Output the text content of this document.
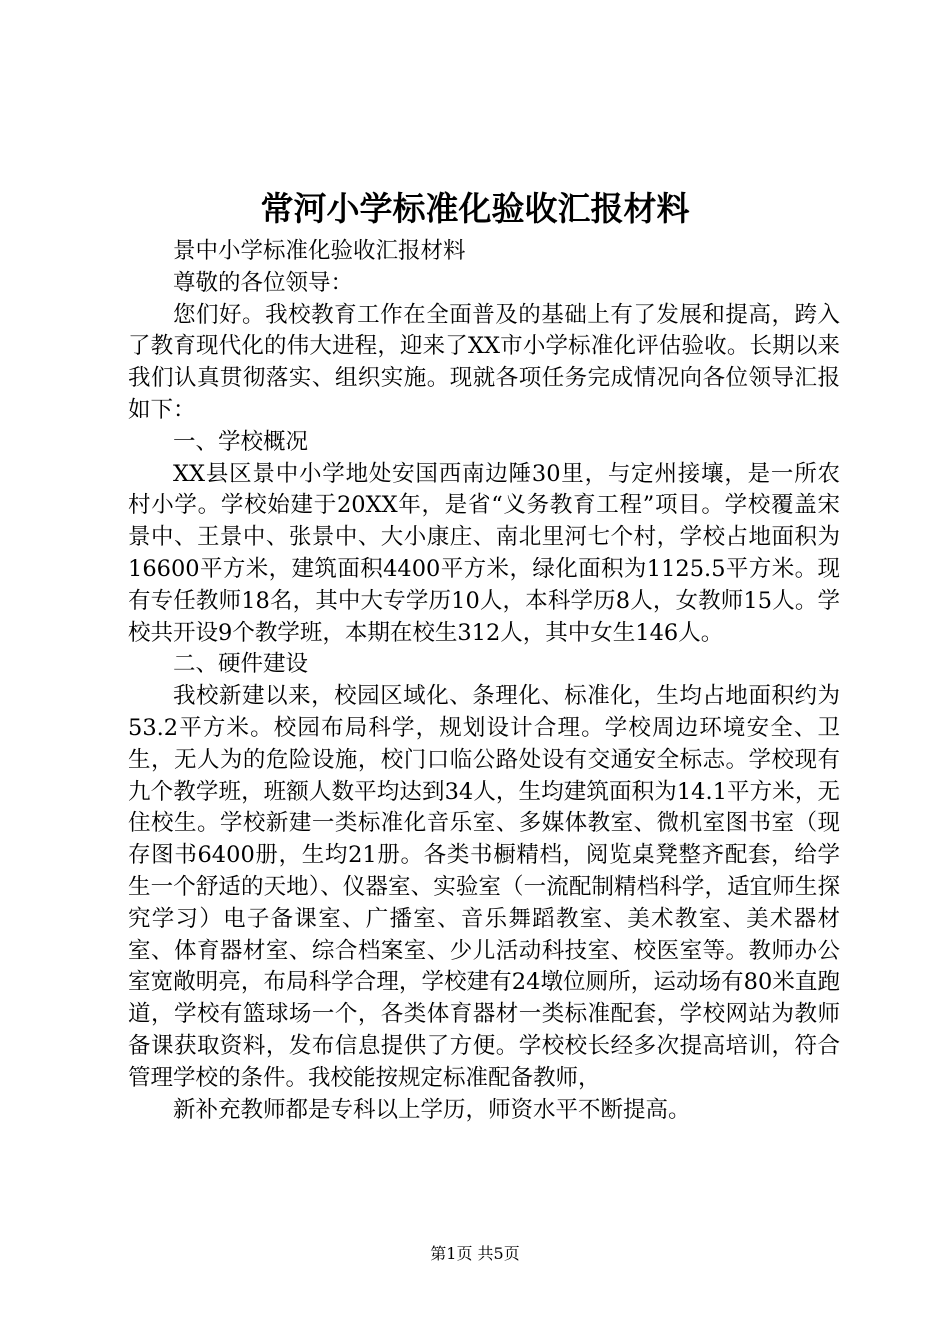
常河小学标准化验收汇报材料

景中小学标准化验收汇报材料

尊敬的各位领导：

您们好。我校教育工作在全面普及的基础上有了发展和提高，跨入了教育现代化的伟大进程，迎来了XX市小学标准化评估验收。长期以来我们认真贯彻落实、组织实施。现就各项任务完成情况向各位领导汇报如下：

一、学校概况

XX县区景中小学地处安国西南边陲30里，与定州接壤，是一所农村小学。学校始建于20XX年，是省“义务教育工程”项目。学校覆盖宋景中、王景中、张景中、大小康庄、南北里河七个村，学校占地面积为16600平方米，建筑面积4400平方米，绿化面积为1125.5平方米。现有专任教师18名，其中大专学历10人，本科学历8人，女教师15人。学校共开设9个教学班，本期在校生312人，其中女生146人。

二、硬件建设

我校新建以来，校园区域化、条理化、标准化，生均占地面积约为53.2平方米。校园布局科学，规划设计合理。学校周边环境安全、卫生，无人为的危险设施，校门口临公路处设有交通安全标志。学校现有九个教学班，班额人数平均达到34人，生均建筑面积为14.1平方米，无住校生。学校新建一类标准化音乐室、多媒体教室、微机室图书室（现存图书6400册，生均21册。各类书橱精档，阅览桌凳整齐配套，给学生一个舒适的天地）、仪器室、实验室（一流配制精档科学，适宜师生探究学习）电子备课室、广播室、音乐舞蹈教室、美术教室、美术器材室、体育器材室、综合档案室、少儿活动科技室、校医室等。教师办公室宽敞明亮，布局科学合理，学校建有24墩位厕所，运动场有80米直跑道，学校有篮球场一个，各类体育器材一类标准配套，学校网站为教师备课获取资料，发布信息提供了方便。学校校长经多次提高培训，符合管理学校的条件。我校能按规定标准配备教师，

新补充教师都是专科以上学历，师资水平不断提高。

第1页 共5页
